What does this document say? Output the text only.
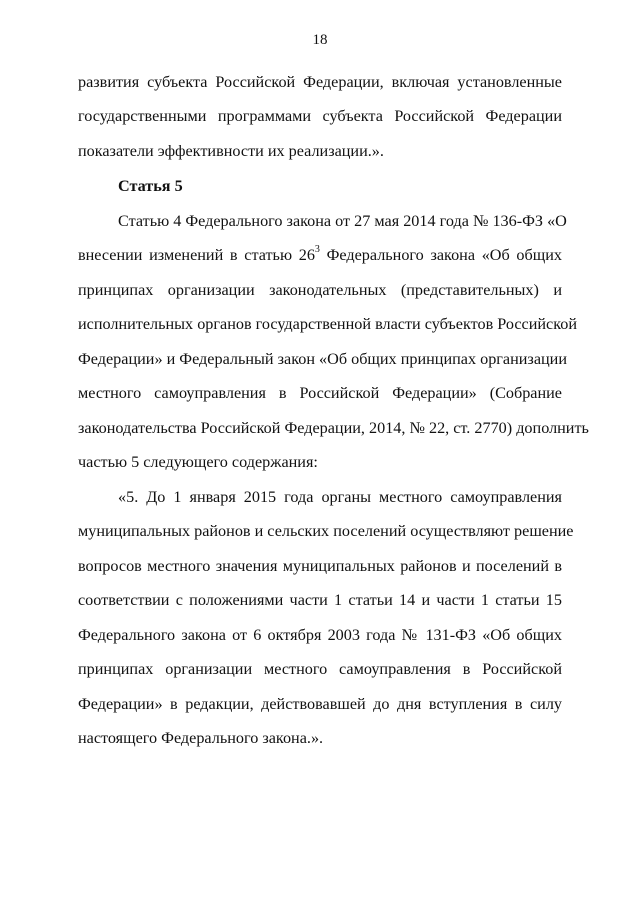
18
развития субъекта Российской Федерации, включая установленные
государственными программами субъекта Российской Федерации
показатели эффективности их реализации.».
Статья 5
Статью 4 Федерального закона от 27 мая 2014 года № 136-ФЗ «О
внесении изменений в статью $26^3$ Федерального закона «Об общих
принципах организации законодательных (представительных) и
исполнительных органов государственной власти субъектов Российской
Федерации» и Федеральный закон «Об общих принципах организации
местного самоуправления в Российской Федерации» (Собрание
законодательства Российской Федерации, 2014, № 22, ст. 2770) дополнить
частью 5 следующего содержания:
«5. До 1 января 2015 года органы местного самоуправления
муниципальных районов и сельских поселений осуществляют решение
вопросов местного значения муниципальных районов и поселений в
соответствии с положениями части 1 статьи 14 и части 1 статьи 15
Федерального закона от 6 октября 2003 года № 131-ФЗ «Об общих
принципах организации местного самоуправления в Российской
Федерации» в редакции, действовавшей до дня вступления в силу
настоящего Федерального закона.».
